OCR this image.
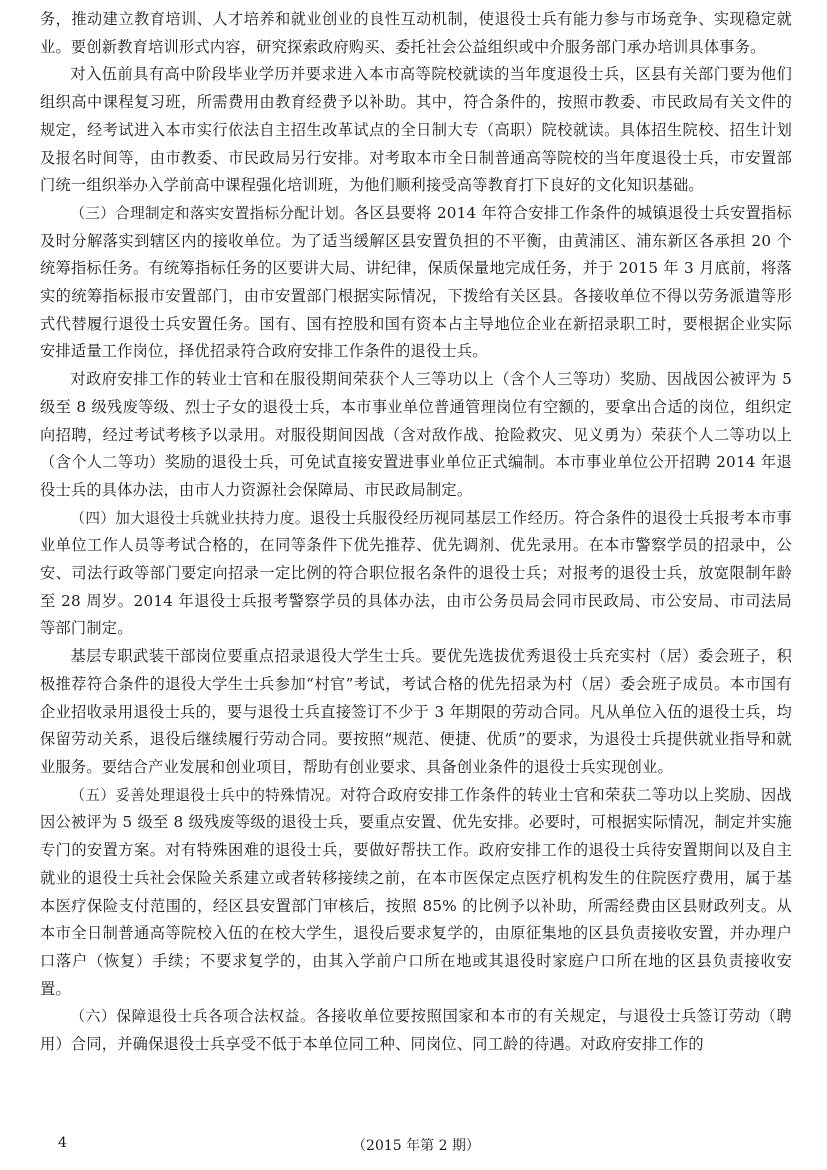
务，推动建立教育培训、人才培养和就业创业的良性互动机制，使退役士兵有能力参与市场竞争、实现稳定就业。要创新教育培训形式内容，研究探索政府购买、委托社会公益组织或中介服务部门承办培训具体事务。

对入伍前具有高中阶段毕业学历并要求进入本市高等院校就读的当年度退役士兵，区县有关部门要为他们组织高中课程复习班，所需费用由教育经费予以补助。其中，符合条件的，按照市教委、市民政局有关文件的规定，经考试进入本市实行依法自主招生改革试点的全日制大专（高职）院校就读。具体招生院校、招生计划及报名时间等，由市教委、市民政局另行安排。对考取本市全日制普通高等院校的当年度退役士兵，市安置部门统一组织举办入学前高中课程强化培训班，为他们顺利接受高等教育打下良好的文化知识基础。

（三）合理制定和落实安置指标分配计划。各区县要将 2014 年符合安排工作条件的城镇退役士兵安置指标及时分解落实到辖区内的接收单位。为了适当缓解区县安置负担的不平衡，由黄浦区、浦东新区各承担 20 个统筹指标任务。有统筹指标任务的区要讲大局、讲纪律，保质保量地完成任务，并于 2015 年 3 月底前，将落实的统筹指标报市安置部门，由市安置部门根据实际情况，下拨给有关区县。各接收单位不得以劳务派遣等形式代替履行退役士兵安置任务。国有、国有控股和国有资本占主导地位企业在新招录职工时，要根据企业实际安排适量工作岗位，择优招录符合政府安排工作条件的退役士兵。

对政府安排工作的转业士官和在服役期间荣获个人三等功以上（含个人三等功）奖励、因战因公被评为 5 级至 8 级残废等级、烈士子女的退役士兵，本市事业单位普通管理岗位有空额的，要拿出合适的岗位，组织定向招聘，经过考试考核予以录用。对服役期间因战（含对敌作战、抢险救灾、见义勇为）荣获个人二等功以上（含个人二等功）奖励的退役士兵，可免试直接安置进事业单位正式编制。本市事业单位公开招聘 2014 年退役士兵的具体办法，由市人力资源社会保障局、市民政局制定。

（四）加大退役士兵就业扶持力度。退役士兵服役经历视同基层工作经历。符合条件的退役士兵报考本市事业单位工作人员等考试合格的，在同等条件下优先推荐、优先调剂、优先录用。在本市警察学员的招录中，公安、司法行政等部门要定向招录一定比例的符合职位报名条件的退役士兵；对报考的退役士兵，放宽限制年龄至 28 周岁。2014 年退役士兵报考警察学员的具体办法，由市公务员局会同市民政局、市公安局、市司法局等部门制定。

基层专职武装干部岗位要重点招录退役大学生士兵。要优先选拔优秀退役士兵充实村（居）委会班子，积极推荐符合条件的退役大学生士兵参加“村官”考试，考试合格的优先招录为村（居）委会班子成员。本市国有企业招收录用退役士兵的，要与退役士兵直接签订不少于 3 年期限的劳动合同。凡从单位入伍的退役士兵，均保留劳动关系，退役后继续履行劳动合同。要按照“规范、便捷、优质”的要求，为退役士兵提供就业指导和就业服务。要结合产业发展和创业项目，帮助有创业要求、具备创业条件的退役士兵实现创业。

（五）妥善处理退役士兵中的特殊情况。对符合政府安排工作条件的转业士官和荣获二等功以上奖励、因战因公被评为 5 级至 8 级残废等级的退役士兵，要重点安置、优先安排。必要时，可根据实际情况，制定并实施专门的安置方案。对有特殊困难的退役士兵，要做好帮扶工作。政府安排工作的退役士兵待安置期间以及自主就业的退役士兵社会保险关系建立或者转移接续之前，在本市医保定点医疗机构发生的住院医疗费用，属于基本医疗保险支付范围的，经区县安置部门审核后，按照 85% 的比例予以补助，所需经费由区县财政列支。从本市全日制普通高等院校入伍的在校大学生，退役后要求复学的，由原征集地的区县负责接收安置，并办理户口落户（恢复）手续；不要求复学的，由其入学前户口所在地或其退役时家庭户口所在地的区县负责接收安置。

（六）保障退役士兵各项合法权益。各接收单位要按照国家和本市的有关规定，与退役士兵签订劳动（聘用）合同，并确保退役士兵享受不低于本单位同工种、同岗位、同工龄的待遇。对政府安排工作的

4	（2015 年第 2 期）
